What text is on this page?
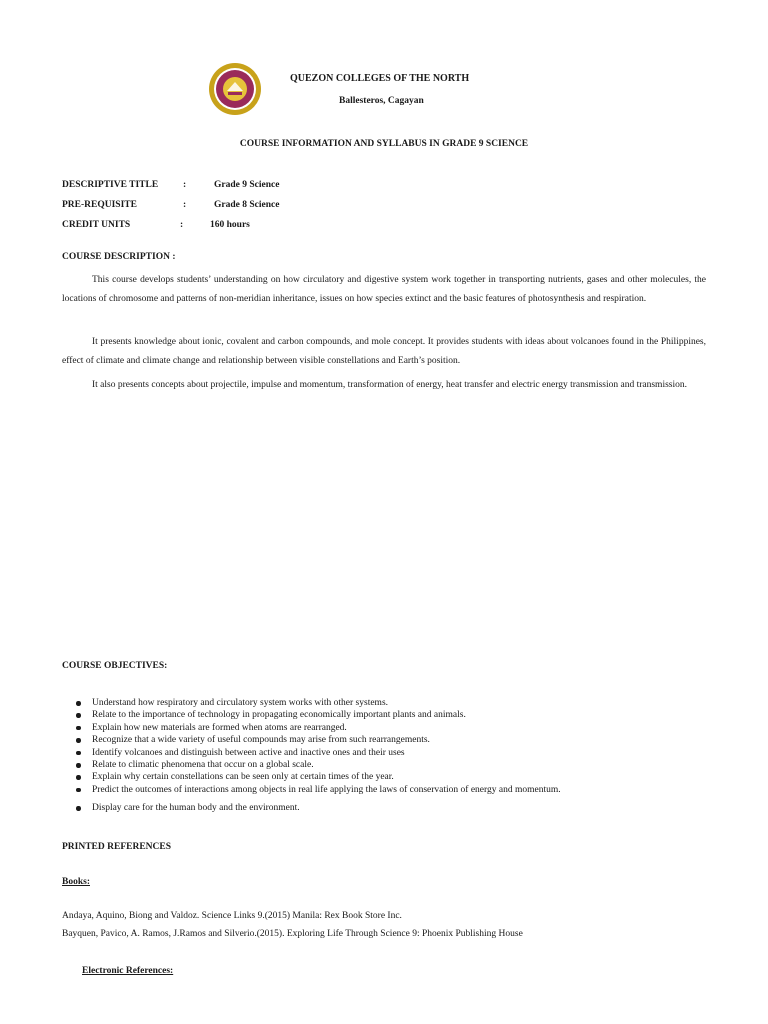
QUEZON COLLEGES OF THE NORTH
Ballesteros, Cagayan
COURSE INFORMATION AND SYLLABUS IN GRADE 9 SCIENCE
DESCRIPTIVE TITLE	:	Grade 9 Science
PRE-REQUISITE	:	Grade 8 Science
CREDIT UNITS	:	160 hours
COURSE DESCRIPTION :

This course develops students’ understanding on how circulatory and digestive system work together in transporting nutrients, gases and other molecules, the locations of chromosome and patterns of non-meridian inheritance, issues on how species extinct and the basic features of photosynthesis and respiration.

It presents knowledge about ionic, covalent and carbon compounds, and mole concept. It provides students with ideas about volcanoes found in the Philippines, effect of climate and climate change and relationship between visible constellations and Earth’s position.

It also presents concepts about projectile, impulse and momentum, transformation of energy, heat transfer and electric energy transmission and transmission.

COURSE OBJECTIVES:
Understand how respiratory and circulatory system works with other systems.
Relate to the importance of technology in propagating economically important plants and animals.
Explain how new materials are formed when atoms are rearranged.
Recognize that a wide variety of useful compounds may arise from such rearrangements.
Identify volcanoes and distinguish between active and inactive ones and their uses
Relate to climatic phenomena that occur on a global scale.
Explain why certain constellations can be seen only at certain times of the year.
Predict the outcomes of interactions among objects in real life applying the laws of conservation of energy and momentum.
Display care for the human body and the environment.
PRINTED REFERENCES
Books:
Andaya, Aquino, Biong and Valdoz. Science Links 9.(2015) Manila: Rex Book Store Inc.
Bayquen, Pavico, A. Ramos, J.Ramos and Silverio.(2015). Exploring Life Through Science 9: Phoenix Publishing House
Electronic References:
